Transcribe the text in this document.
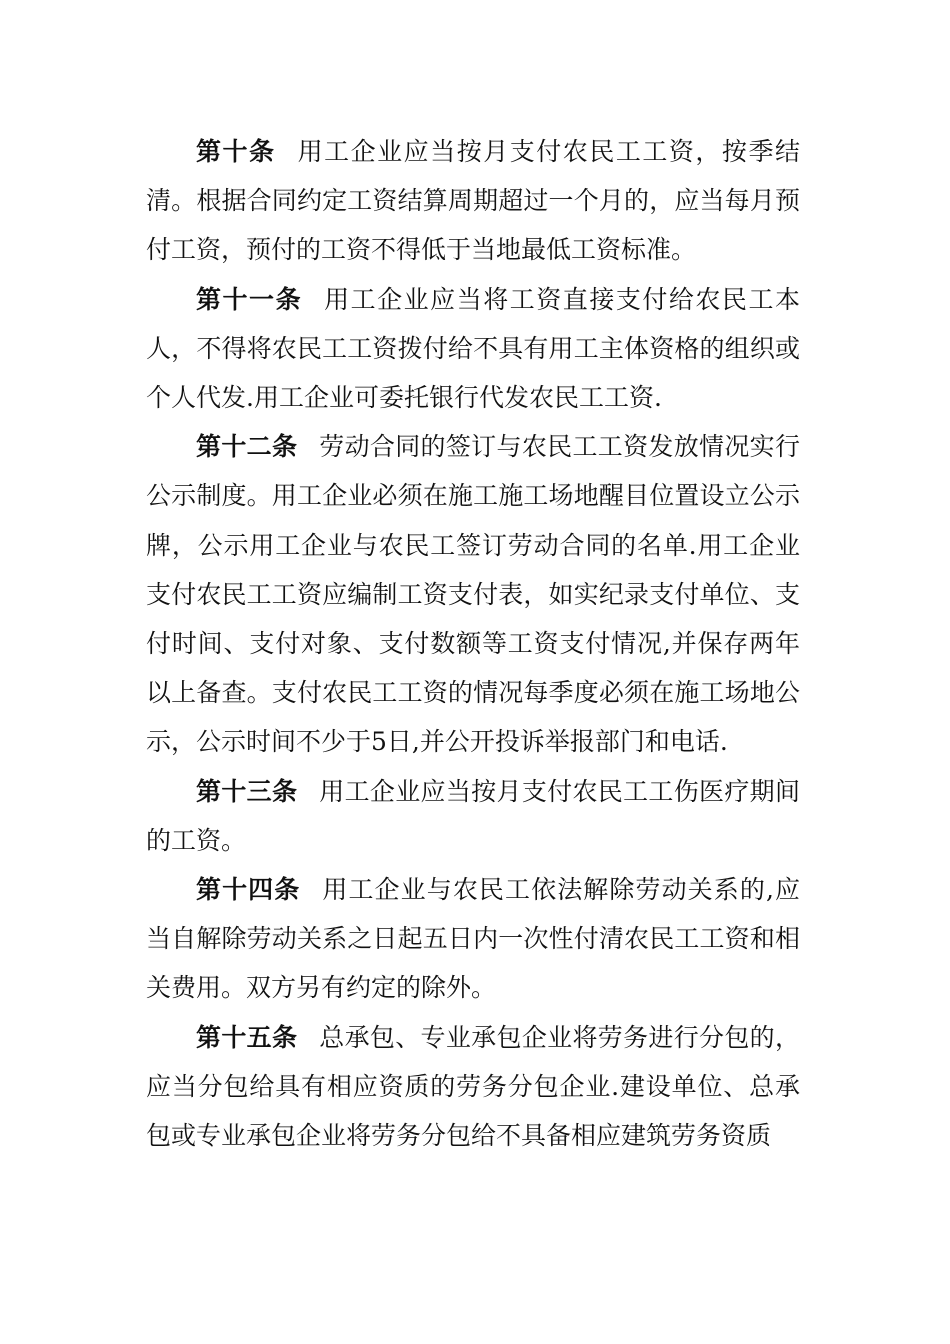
第十条 用工企业应当按月支付农民工工资，按季结清。根据合同约定工资结算周期超过一个月的，应当每月预付工资，预付的工资不得低于当地最低工资标准。

第十一条 用工企业应当将工资直接支付给农民工本人，不得将农民工工资拨付给不具有用工主体资格的组织或个人代发.用工企业可委托银行代发农民工工资.

第十二条 劳动合同的签订与农民工工资发放情况实行公示制度。用工企业必须在施工施工场地醒目位置设立公示牌，公示用工企业与农民工签订劳动合同的名单.用工企业支付农民工工资应编制工资支付表，如实纪录支付单位、支付时间、支付对象、支付数额等工资支付情况,并保存两年以上备查。支付农民工工资的情况每季度必须在施工场地公示，公示时间不少于5日,并公开投诉举报部门和电话.

第十三条 用工企业应当按月支付农民工工伤医疗期间的工资。

第十四条 用工企业与农民工依法解除劳动关系的,应当自解除劳动关系之日起五日内一次性付清农民工工资和相关费用。双方另有约定的除外。

第十五条 总承包、专业承包企业将劳务进行分包的，应当分包给具有相应资质的劳务分包企业.建设单位、总承包或专业承包企业将劳务分包给不具备相应建筑劳务资质
